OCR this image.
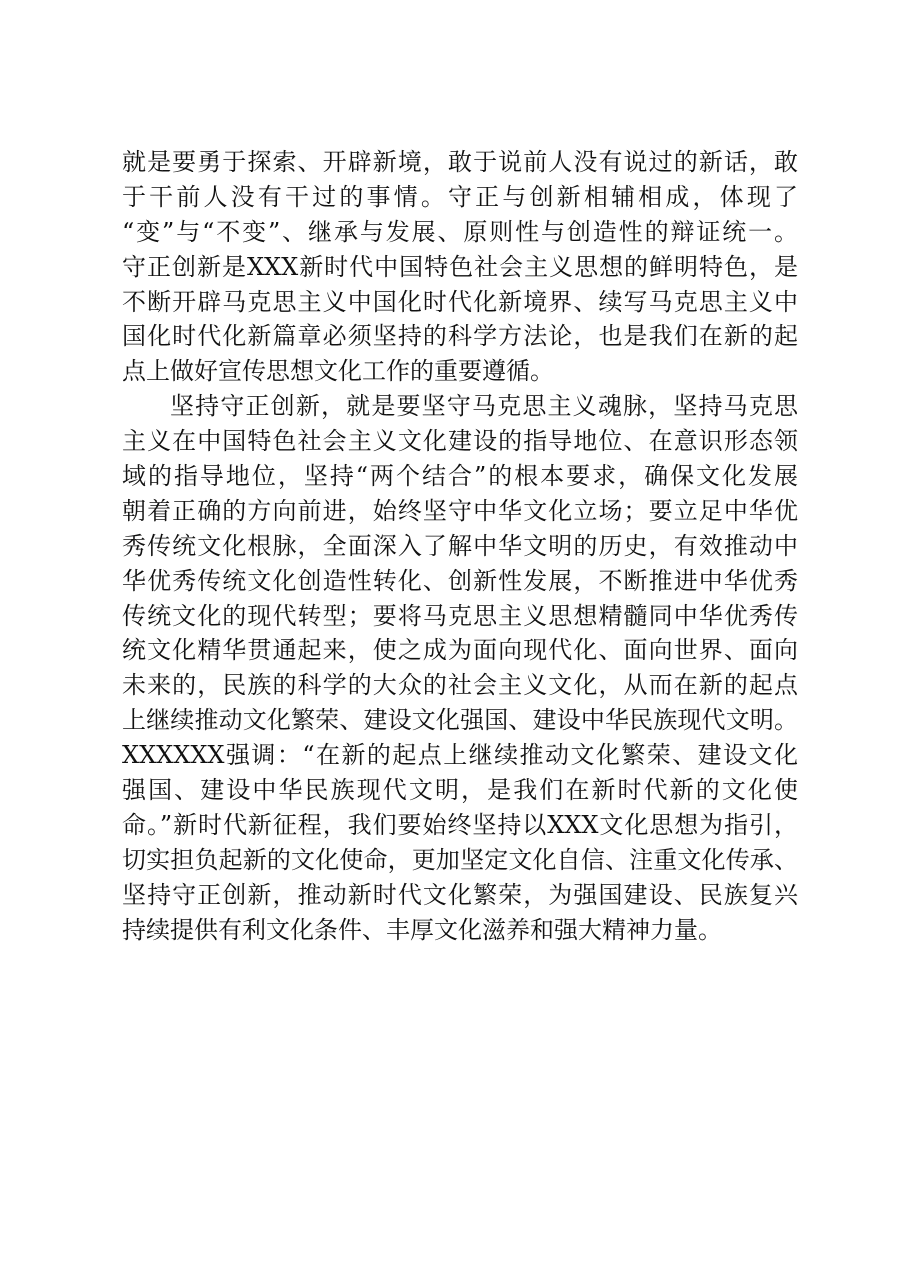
就是要勇于探索、开辟新境，敢于说前人没有说过的新话，敢
于干前人没有干过的事情。守正与创新相辅相成，体现了
“变”与“不变”、继承与发展、原则性与创造性的辩证统一。
守正创新是XXX新时代中国特色社会主义思想的鲜明特色，是
不断开辟马克思主义中国化时代化新境界、续写马克思主义中
国化时代化新篇章必须坚持的科学方法论，也是我们在新的起
点上做好宣传思想文化工作的重要遵循。
坚持守正创新，就是要坚守马克思主义魂脉，坚持马克思
主义在中国特色社会主义文化建设的指导地位、在意识形态领
域的指导地位，坚持“两个结合”的根本要求，确保文化发展
朝着正确的方向前进，始终坚守中华文化立场；要立足中华优
秀传统文化根脉，全面深入了解中华文明的历史，有效推动中
华优秀传统文化创造性转化、创新性发展，不断推进中华优秀
传统文化的现代转型；要将马克思主义思想精髓同中华优秀传
统文化精华贯通起来，使之成为面向现代化、面向世界、面向
未来的，民族的科学的大众的社会主义文化，从而在新的起点
上继续推动文化繁荣、建设文化强国、建设中华民族现代文明。
XXXXXX强调：“在新的起点上继续推动文化繁荣、建设文化
强国、建设中华民族现代文明，是我们在新时代新的文化使
命。”新时代新征程，我们要始终坚持以XXX文化思想为指引，
切实担负起新的文化使命，更加坚定文化自信、注重文化传承、
坚持守正创新，推动新时代文化繁荣，为强国建设、民族复兴
持续提供有利文化条件、丰厚文化滋养和强大精神力量。
